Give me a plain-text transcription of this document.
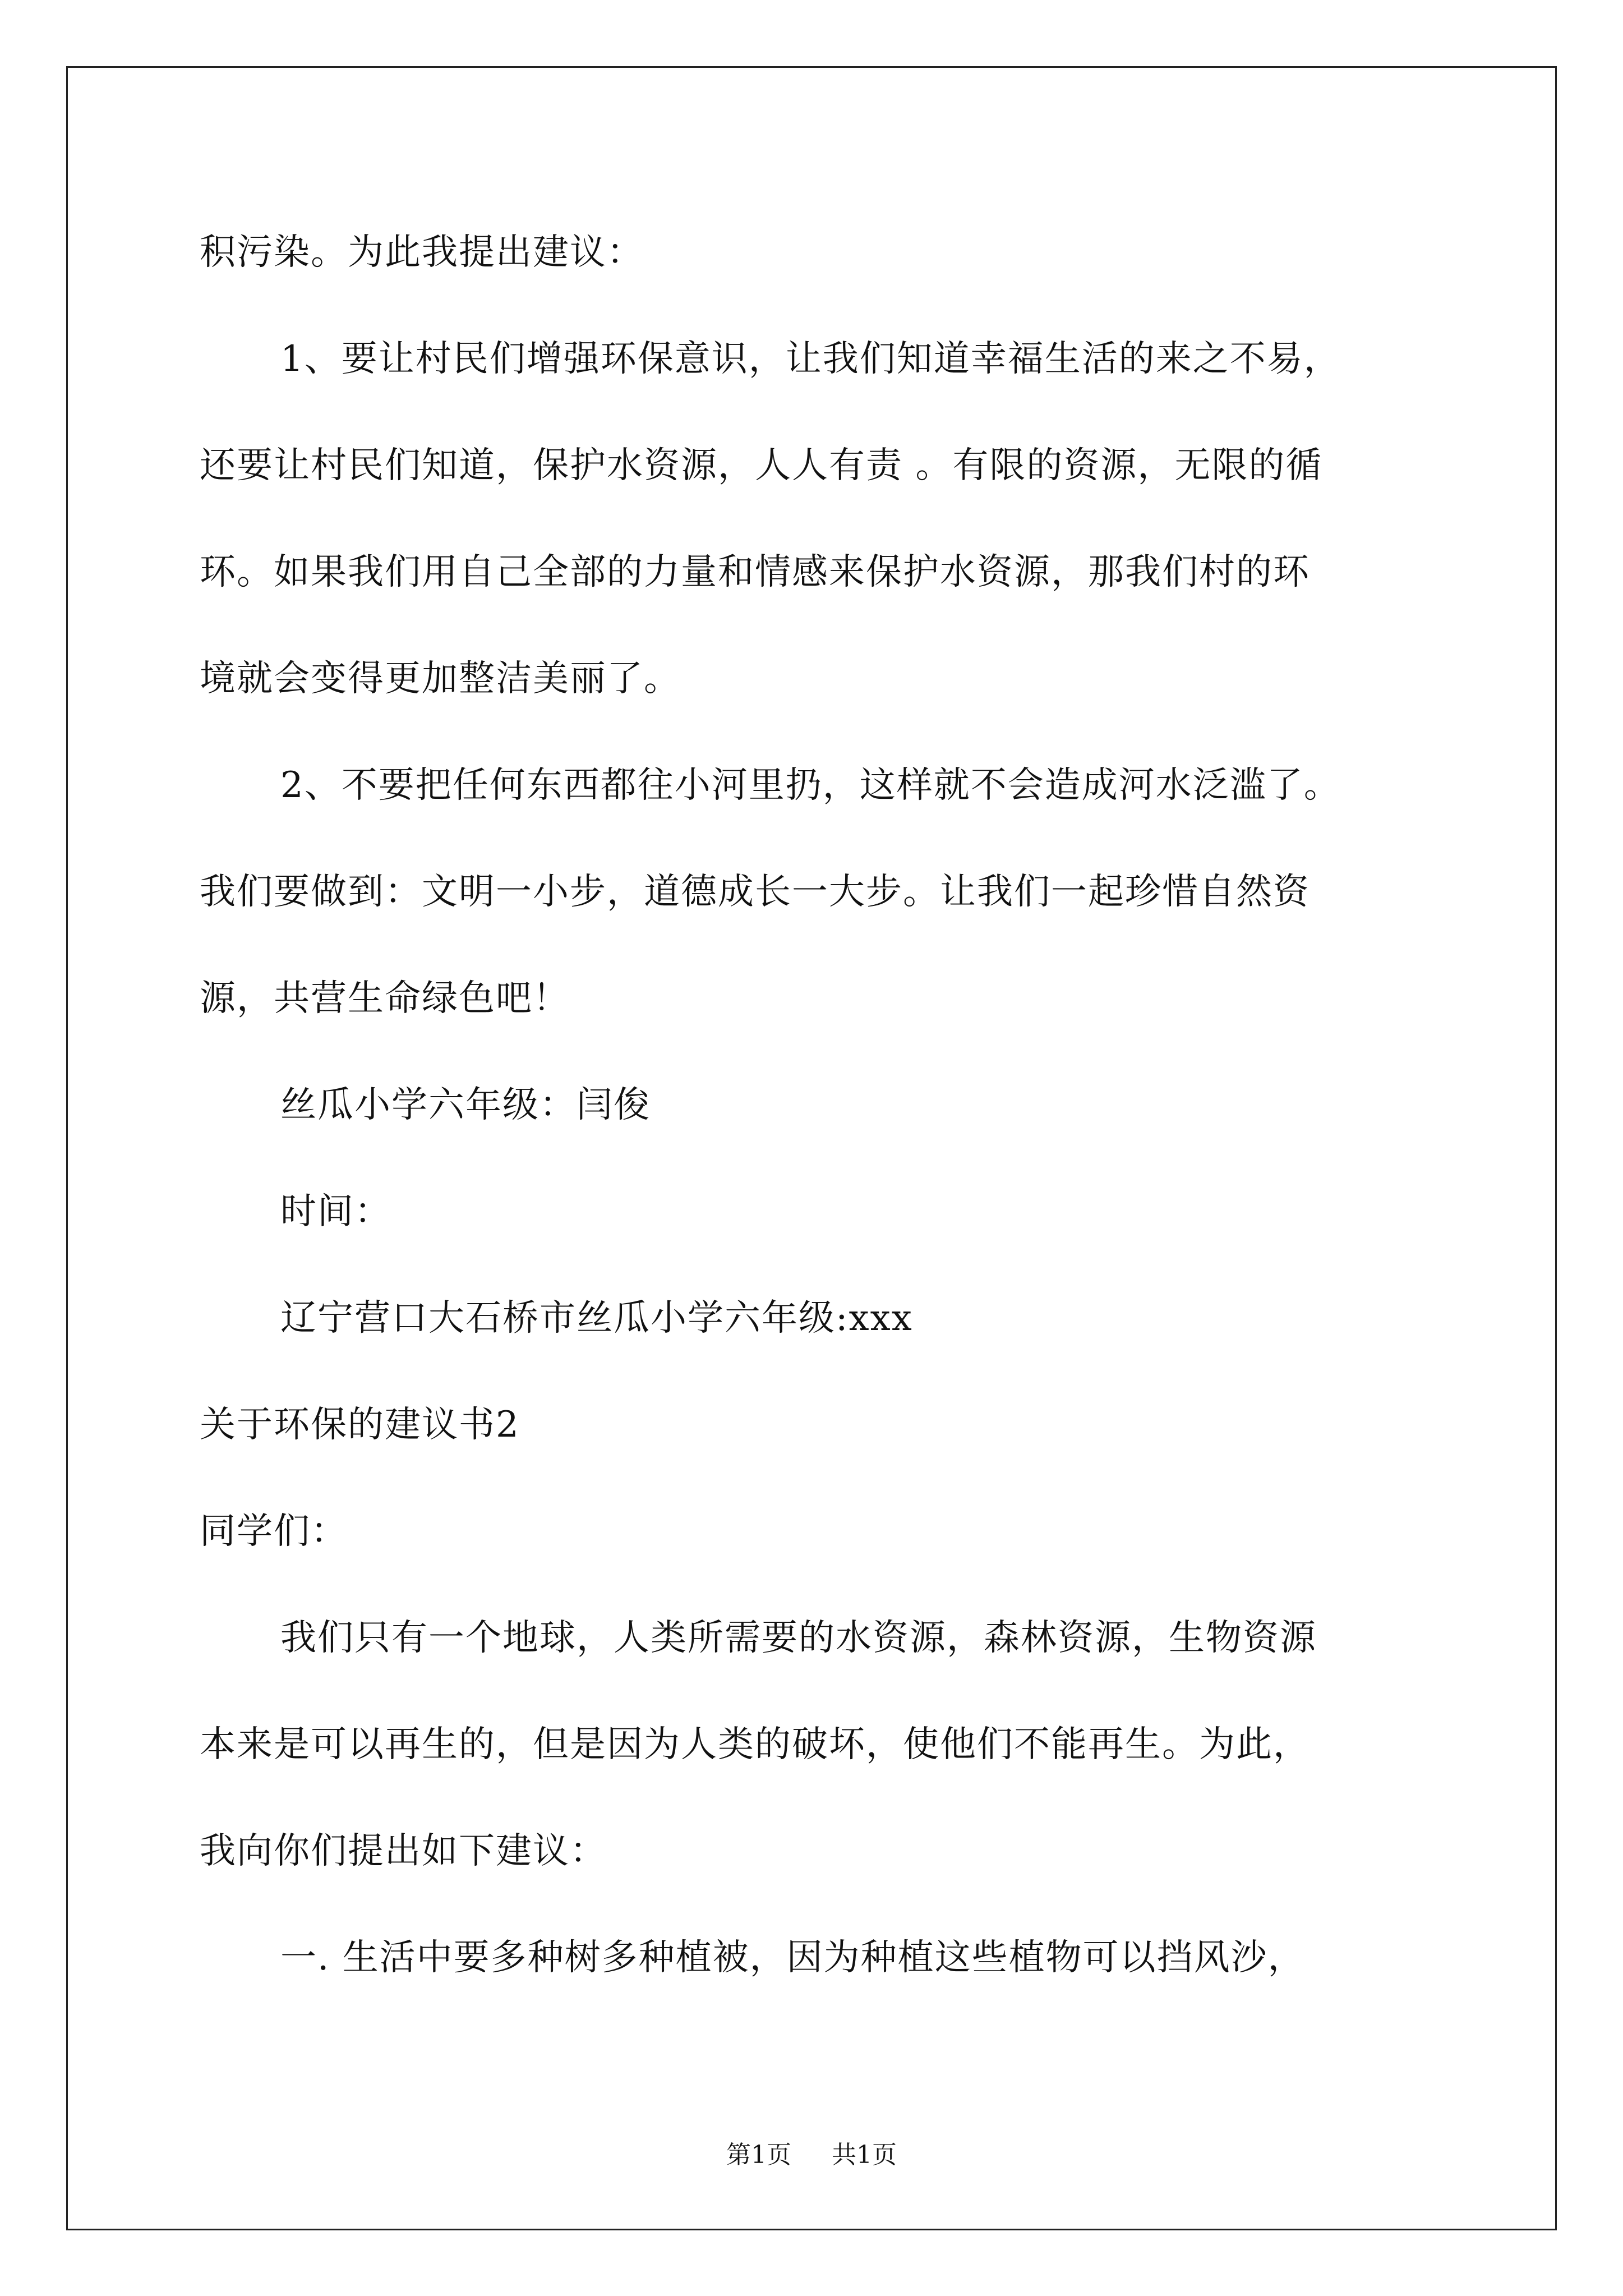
积污染。为此我提出建议：
1、要让村民们增强环保意识，让我们知道幸福生活的来之不易，
还要让村民们知道，保护水资源，人人有责 。有限的资源，无限的循
环。如果我们用自己全部的力量和情感来保护水资源，那我们村的环
境就会变得更加整洁美丽了。
2、不要把任何东西都往小河里扔，这样就不会造成河水泛滥了。
我们要做到：文明一小步，道德成长一大步。让我们一起珍惜自然资
源，共营生命绿色吧！
丝瓜小学六年级：闫俊
时间：
辽宁营口大石桥市丝瓜小学六年级:xxx
关于环保的建议书2
同学们：
我们只有一个地球，人类所需要的水资源，森林资源，生物资源
本来是可以再生的，但是因为人类的破坏，使他们不能再生。为此，
我向你们提出如下建议：
一. 生活中要多种树多种植被，因为种植这些植物可以挡风沙，
第1页 共1页
